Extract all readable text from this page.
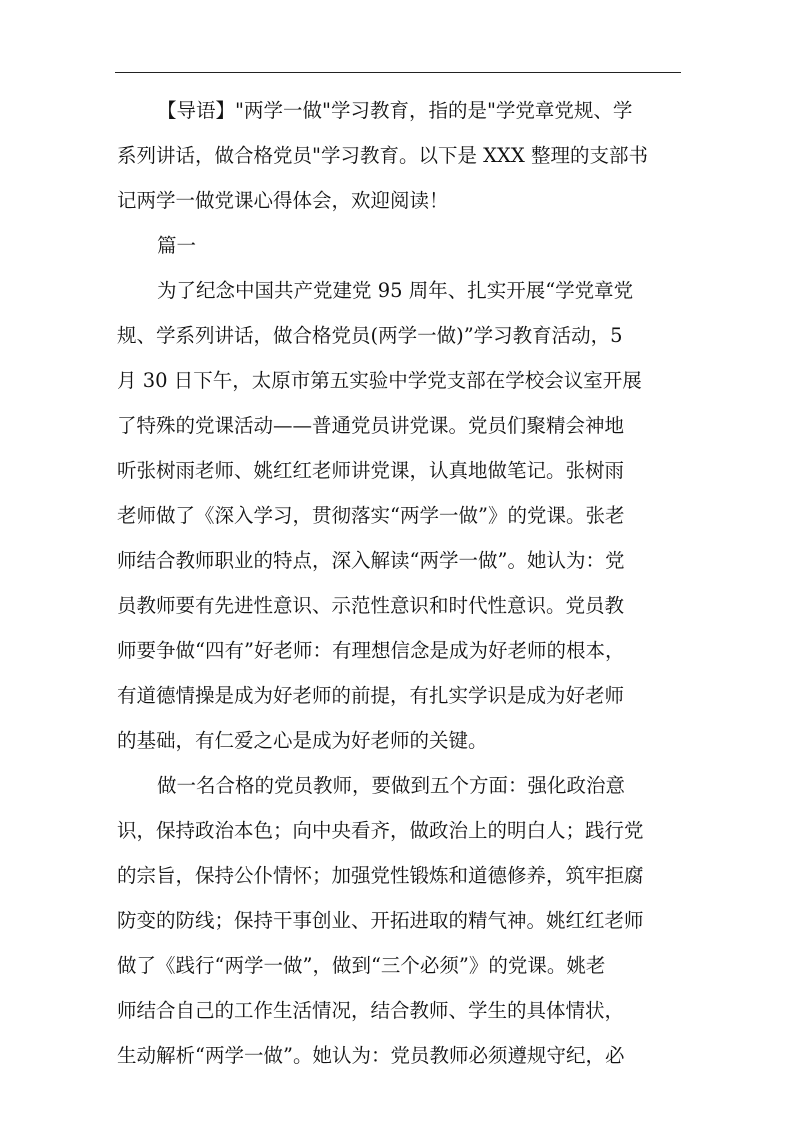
【导语】"两学一做"学习教育，指的是"学党章党规、学
系列讲话，做合格党员"学习教育。以下是 XXX 整理的支部书
记两学一做党课心得体会，欢迎阅读！
篇一
为了纪念中国共产党建党 95 周年、扎实开展“学党章党
规、学系列讲话，做合格党员(两学一做)”学习教育活动，5
月 30 日下午，太原市第五实验中学党支部在学校会议室开展
了特殊的党课活动——普通党员讲党课。党员们聚精会神地
听张树雨老师、姚红红老师讲党课，认真地做笔记。张树雨
老师做了《深入学习，贯彻落实“两学一做”》的党课。张老
师结合教师职业的特点，深入解读“两学一做”。她认为：党
员教师要有先进性意识、示范性意识和时代性意识。党员教
师要争做“四有”好老师：有理想信念是成为好老师的根本，
有道德情操是成为好老师的前提，有扎实学识是成为好老师
的基础，有仁爱之心是成为好老师的关键。
做一名合格的党员教师，要做到五个方面：强化政治意
识，保持政治本色；向中央看齐，做政治上的明白人；践行党
的宗旨，保持公仆情怀；加强党性锻炼和道德修养，筑牢拒腐
防变的防线；保持干事创业、开拓进取的精气神。姚红红老师
做了《践行“两学一做”，做到“三个必须”》的党课。姚老
师结合自己的工作生活情况，结合教师、学生的具体情状，
生动解析“两学一做”。她认为：党员教师必须遵规守纪，必
